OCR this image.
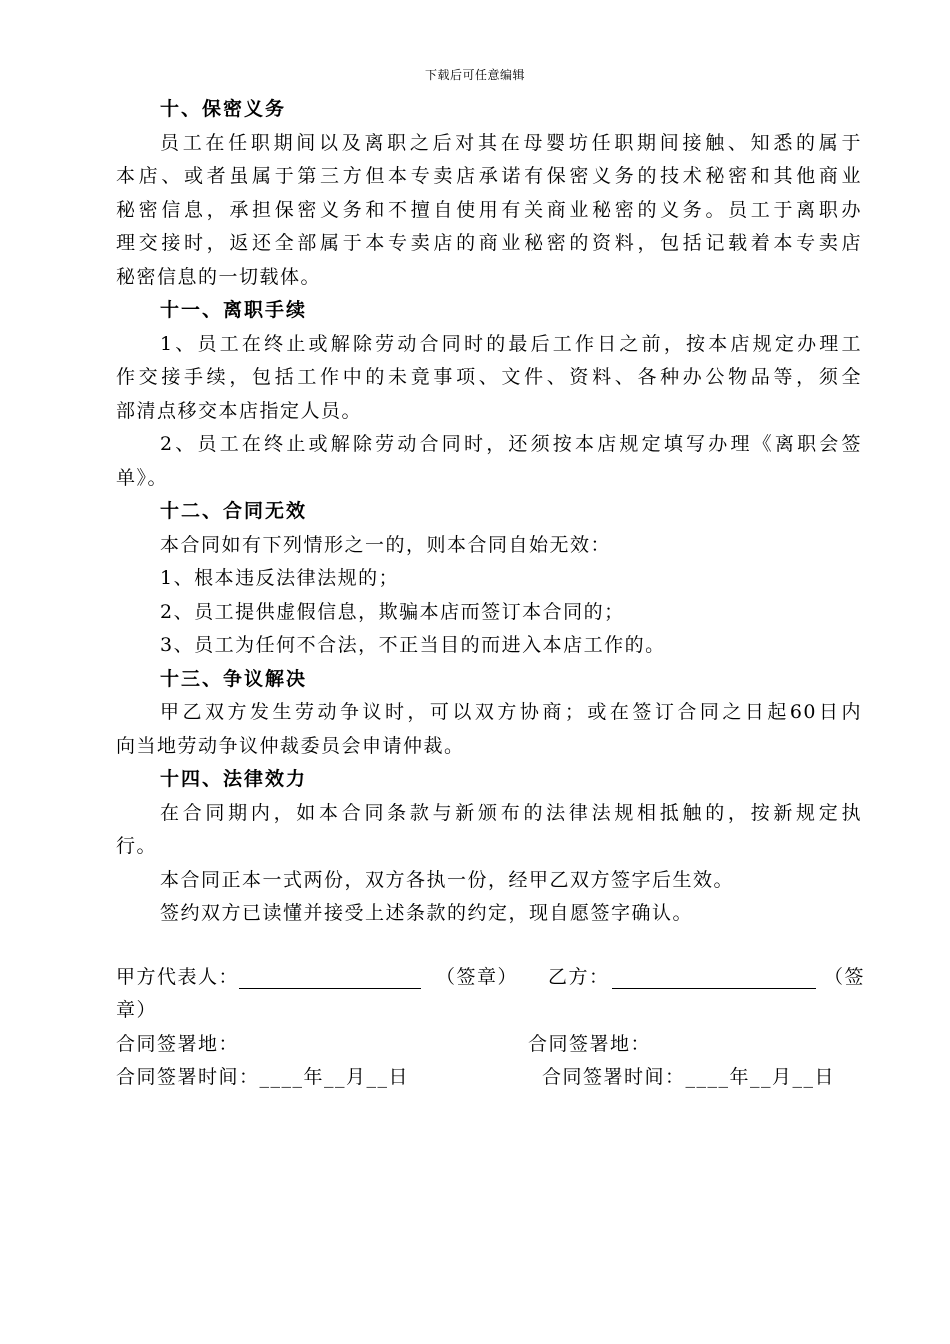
下载后可任意编辑
十、保密义务
员工在任职期间以及离职之后对其在母婴坊任职期间接触、知悉的属于
本店、或者虽属于第三方但本专卖店承诺有保密义务的技术秘密和其他商业
秘密信息，承担保密义务和不擅自使用有关商业秘密的义务。员工于离职办
理交接时，返还全部属于本专卖店的商业秘密的资料，包括记载着本专卖店
秘密信息的一切载体。
十一、离职手续
1、员工在终止或解除劳动合同时的最后工作日之前，按本店规定办理工
作交接手续，包括工作中的未竟事项、文件、资料、各种办公物品等，须全
部清点移交本店指定人员。
2、员工在终止或解除劳动合同时，还须按本店规定填写办理《离职会签
单》。
十二、合同无效
本合同如有下列情形之一的，则本合同自始无效：
1、根本违反法律法规的；
2、员工提供虚假信息，欺骗本店而签订本合同的；
3、员工为任何不合法，不正当目的而进入本店工作的。
十三、争议解决
甲乙双方发生劳动争议时，可以双方协商；或在签订合同之日起60日内
向当地劳动争议仲裁委员会申请仲裁。
十四、法律效力
在合同期内，如本合同条款与新颁布的法律法规相抵触的，按新规定执
行。
本合同正本一式两份，双方各执一份，经甲乙双方签字后生效。
签约双方已读懂并接受上述条款的约定，现自愿签字确认。
甲方代表人：	（签章） 乙方：	（签
章）
合同签署地：	合同签署地：
合同签署时间：____年__月__日	合同签署时间：____年__月__日
